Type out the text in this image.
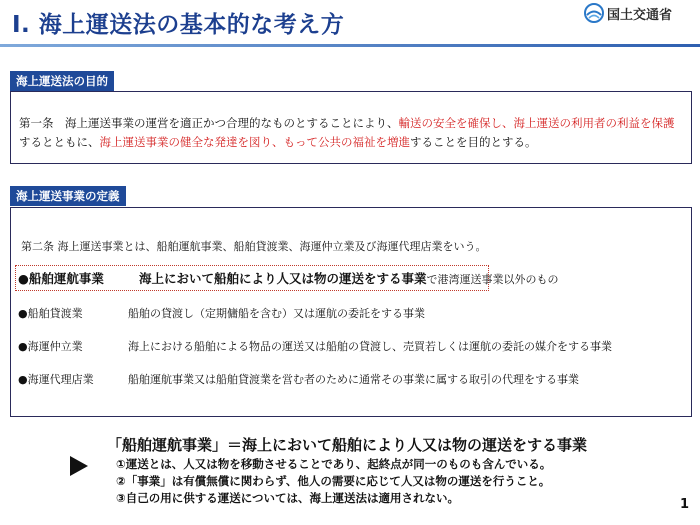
Ⅰ. 海上運送法の基本的な考え方	国土交通省
海上運送法の目的
第一条　海上運送事業の運営を適正かつ合理的なものとすることにより、輸送の安全を確保し、海上運送の利用者の利益を保護するとともに、海上運送事業の健全な発達を図り、もって公共の福祉を増進することを目的とする。
海上運送事業の定義
第二条 海上運送事業とは、船舶運航事業、船舶貸渡業、海運仲立業及び海運代理店業をいう。
●船舶運航事業	海上において船舶により人又は物の運送をする事業で港湾運送事業以外のもの
●船舶貸渡業	船舶の貸渡し（定期傭船を含む）又は運航の委託をする事業
●海運仲立業	海上における船舶による物品の運送又は船舶の貸渡し、売買若しくは運航の委託の媒介をする事業
●海運代理店業	船舶運航事業又は船舶貸渡業を営む者のために通常その事業に属する取引の代理をする事業
「船舶運航事業」＝海上において船舶により人又は物の運送をする事業
①運送とは、人又は物を移動させることであり、起終点が同一のものも含んでいる。
②「事業」は有償無償に関わらず、他人の需要に応じて人又は物の運送を行うこと。
③自己の用に供する運送については、海上運送法は適用されない。	1
